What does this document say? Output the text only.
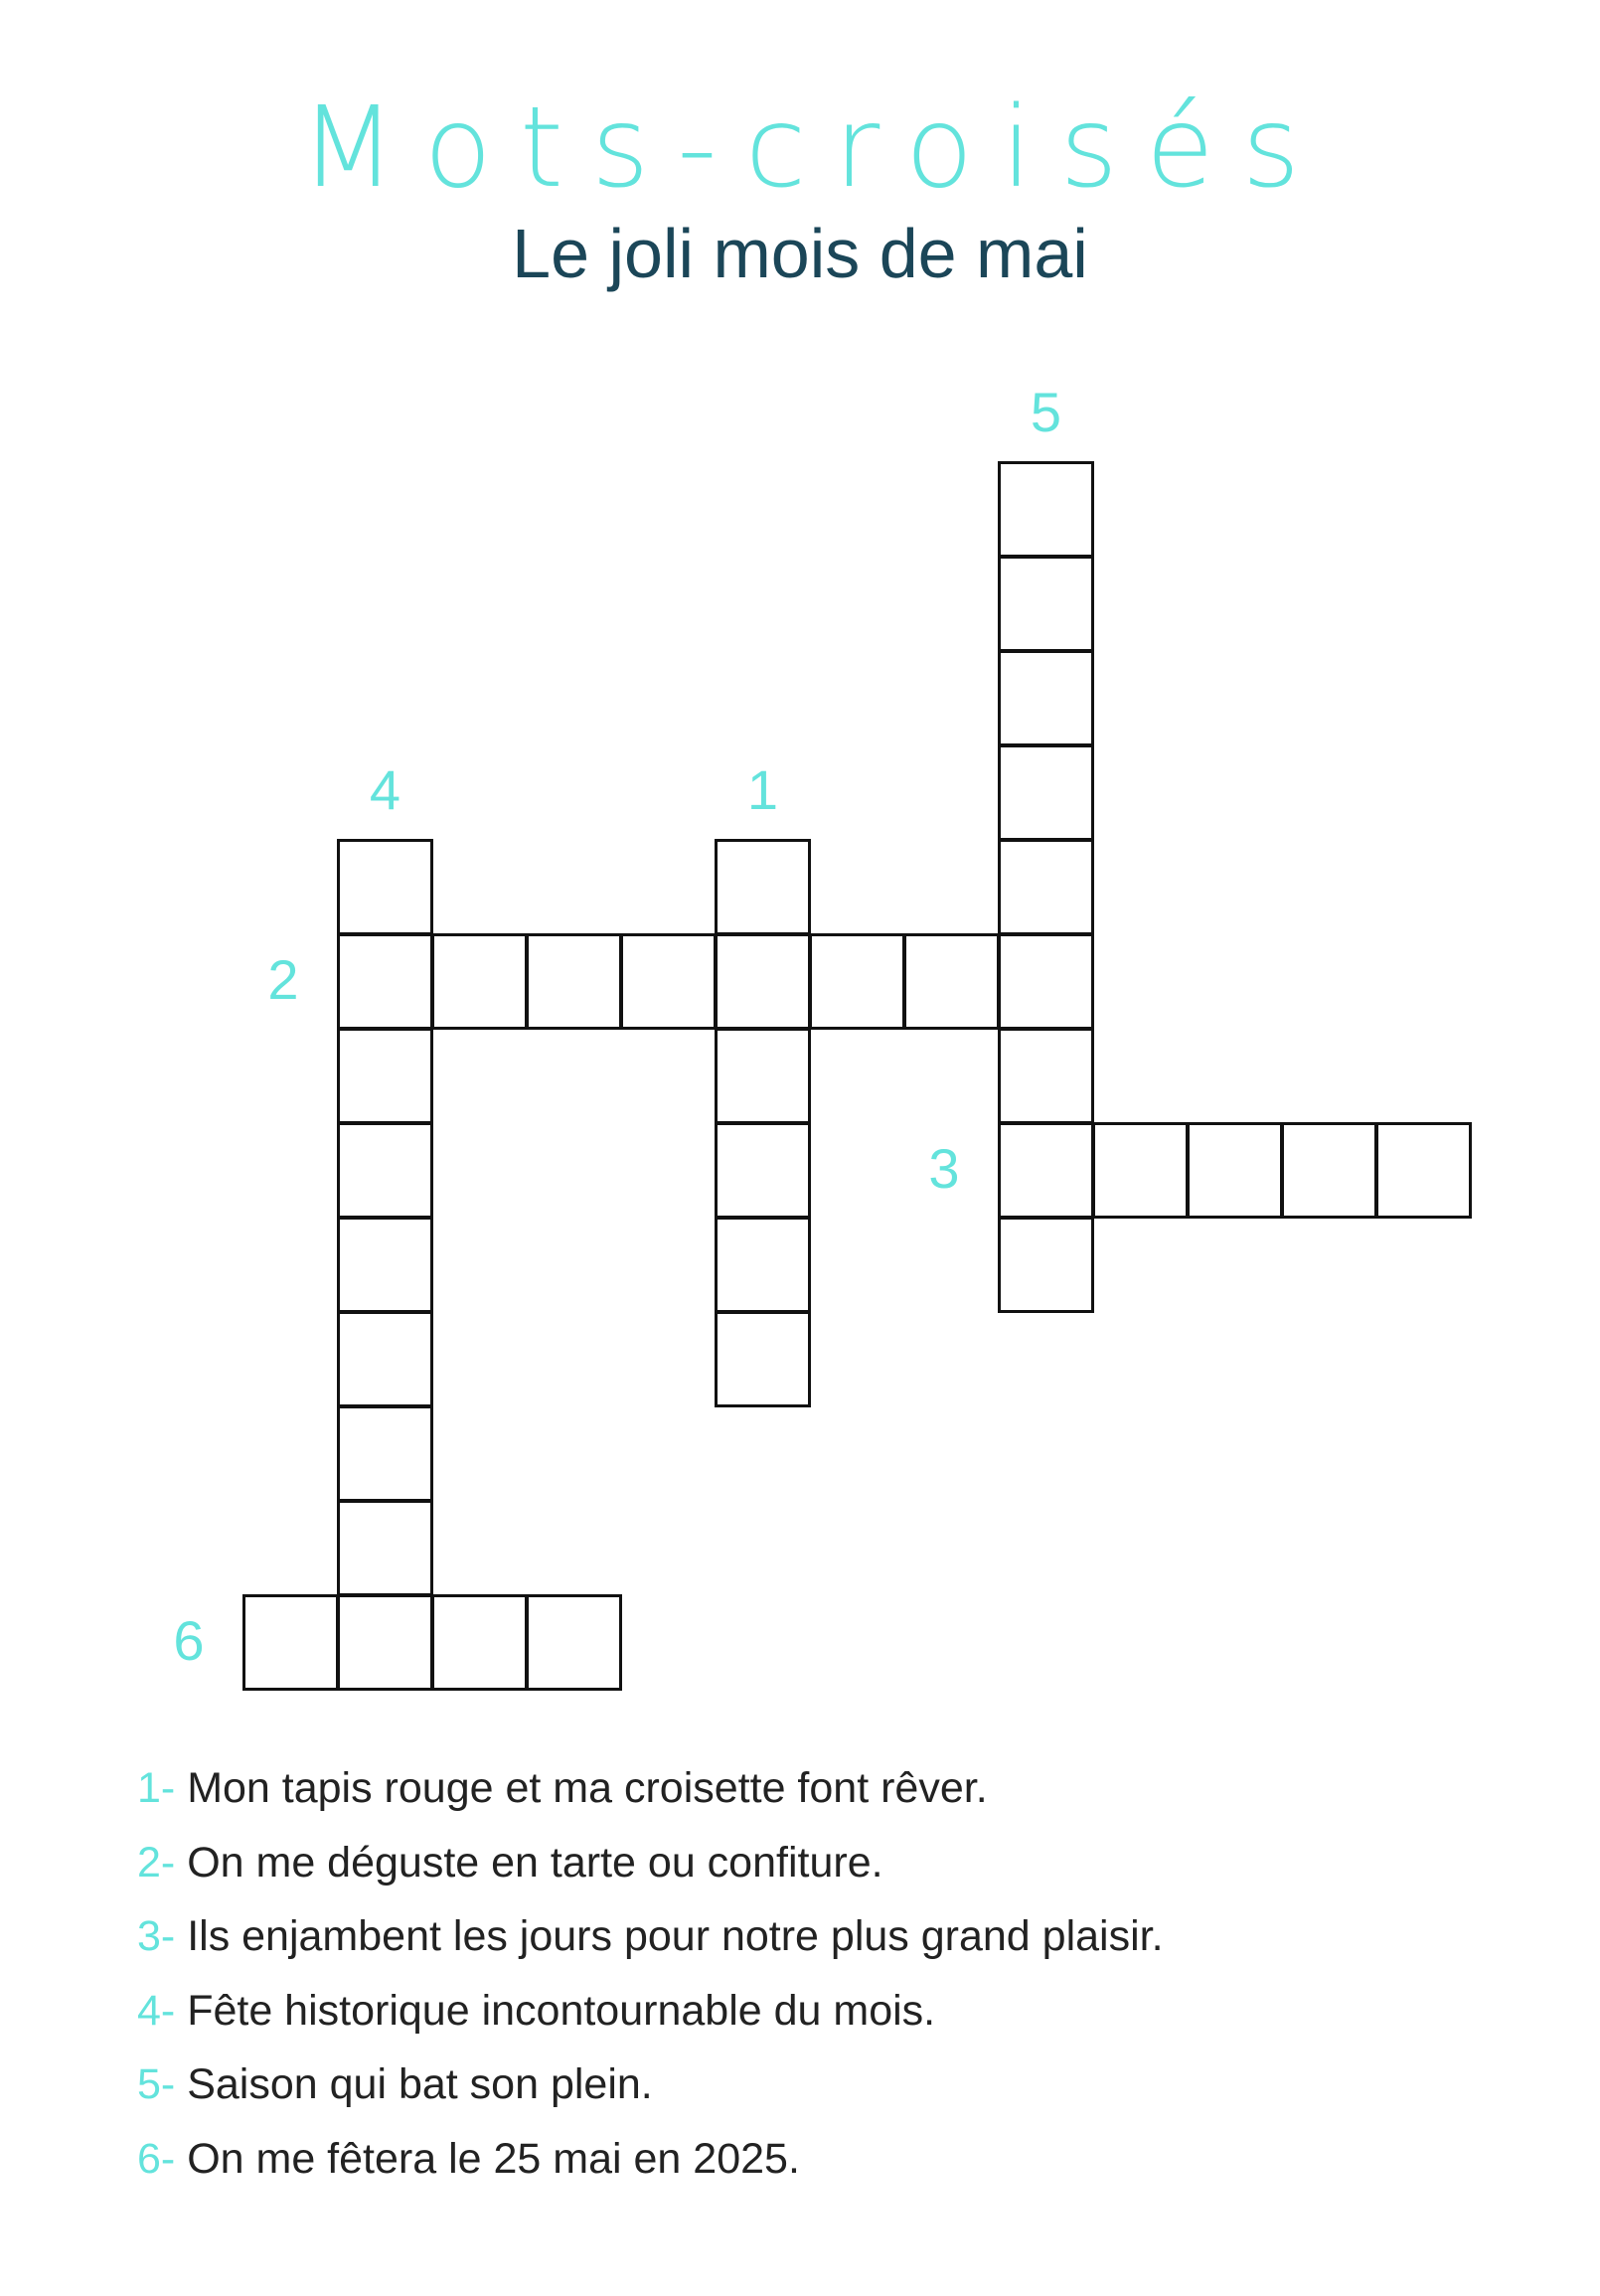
Mots-croisés
Le joli mois de mai
1
2
3
4
5
6
1- Mon tapis rouge et ma croisette font rêver.
2- On me déguste en tarte ou confiture.
3- Ils enjambent les jours pour notre plus grand plaisir.
4- Fête historique incontournable du mois.
5- Saison qui bat son plein.
6- On me fêtera le 25 mai en 2025.
